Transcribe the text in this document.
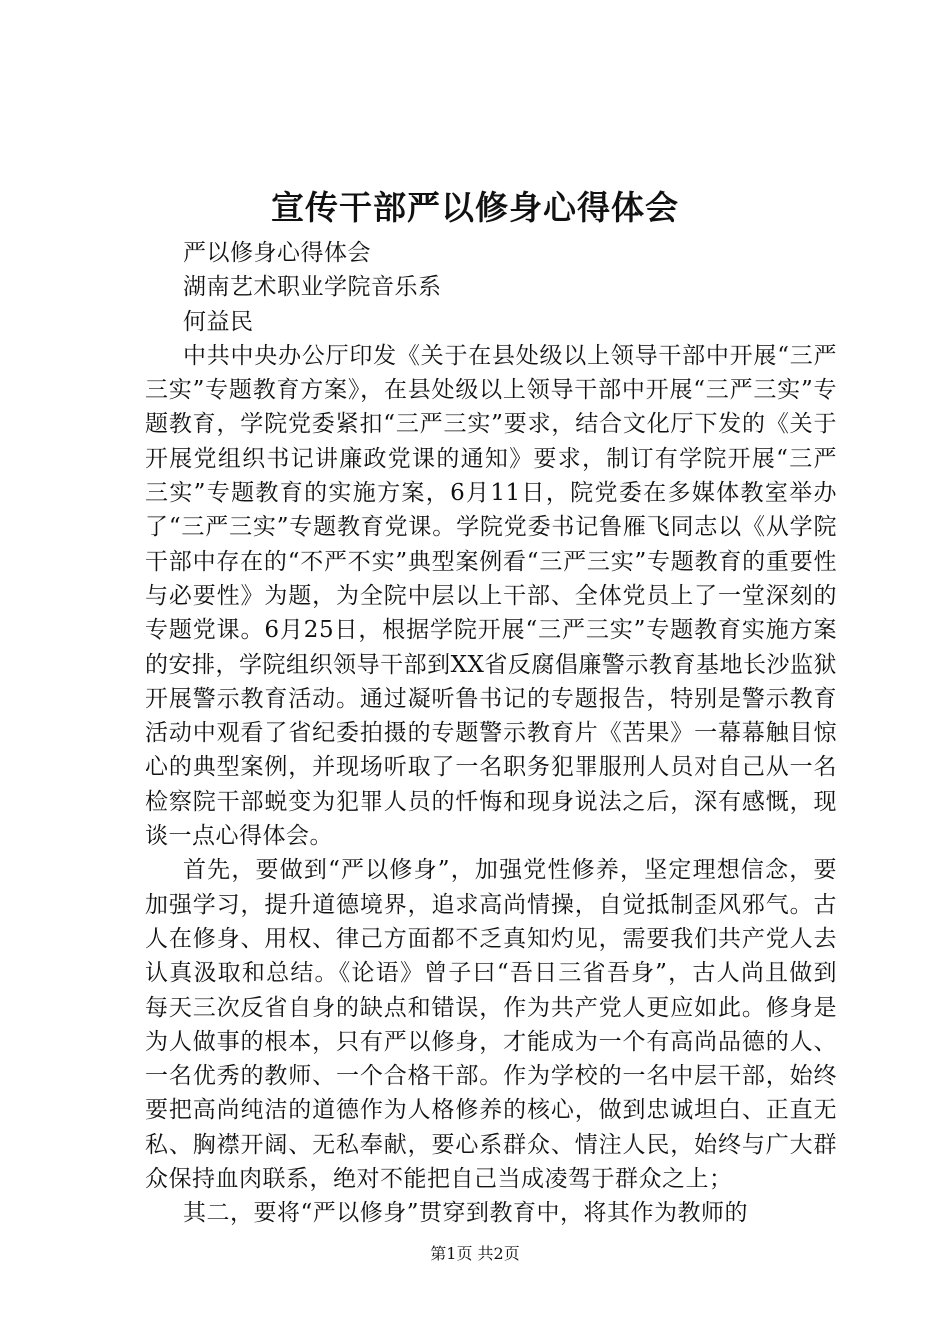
宣传干部严以修身心得体会

严以修身心得体会

湖南艺术职业学院音乐系

何益民

中共中央办公厅印发《关于在县处级以上领导干部中开展“三严三实”专题教育方案》，在县处级以上领导干部中开展“三严三实”专题教育，学院党委紧扣“三严三实”要求，结合文化厅下发的《关于开展党组织书记讲廉政党课的通知》要求，制订有学院开展“三严三实”专题教育的实施方案，6月11日，院党委在多媒体教室举办了“三严三实”专题教育党课。学院党委书记鲁雁飞同志以《从学院干部中存在的“不严不实”典型案例看“三严三实”专题教育的重要性与必要性》为题，为全院中层以上干部、全体党员上了一堂深刻的专题党课。6月25日，根据学院开展“三严三实”专题教育实施方案的安排，学院组织领导干部到XX省反腐倡廉警示教育基地长沙监狱开展警示教育活动。通过凝听鲁书记的专题报告，特别是警示教育活动中观看了省纪委拍摄的专题警示教育片《苦果》一幕幕触目惊心的典型案例，并现场听取了一名职务犯罪服刑人员对自己从一名检察院干部蜕变为犯罪人员的忏悔和现身说法之后，深有感慨，现谈一点心得体会。

首先，要做到“严以修身”，加强党性修养，坚定理想信念，要加强学习，提升道德境界，追求高尚情操，自觉抵制歪风邪气。古人在修身、用权、律己方面都不乏真知灼见，需要我们共产党人去认真汲取和总结。《论语》曾子曰“吾日三省吾身”，古人尚且做到每天三次反省自身的缺点和错误，作为共产党人更应如此。修身是为人做事的根本，只有严以修身，才能成为一个有高尚品德的人、一名优秀的教师、一个合格干部。作为学校的一名中层干部，始终要把高尚纯洁的道德作为人格修养的核心，做到忠诚坦白、正直无私、胸襟开阔、无私奉献，要心系群众、情注人民，始终与广大群众保持血肉联系，绝对不能把自己当成凌驾于群众之上；

其二，要将“严以修身”贯穿到教育中，将其作为教师的

第1页 共2页
